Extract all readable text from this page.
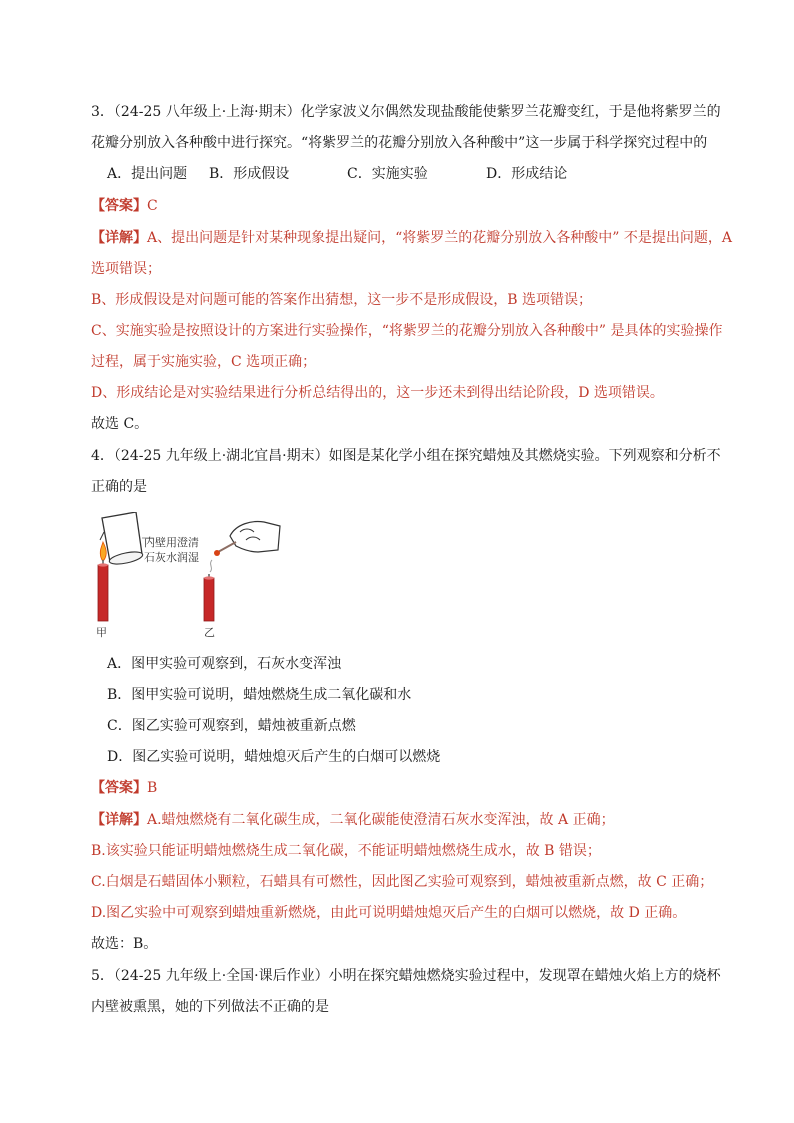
3．（24-25 八年级上·上海·期末）化学家波义尔偶然发现盐酸能使紫罗兰花瓣变红，于是他将紫罗兰的
花瓣分别放入各种酸中进行探究。“将紫罗兰的花瓣分别放入各种酸中”这一步属于科学探究过程中的
A．提出问题 B．形成假设	C．实施实验	D．形成结论
【答案】C
【详解】A、提出问题是针对某种现象提出疑问，“将紫罗兰的花瓣分别放入各种酸中” 不是提出问题，A
选项错误；
B、形成假设是对问题可能的答案作出猜想，这一步不是形成假设，B 选项错误；
C、实施实验是按照设计的方案进行实验操作，“将紫罗兰的花瓣分别放入各种酸中” 是具体的实验操作
过程，属于实施实验，C 选项正确；
D、形成结论是对实验结果进行分析总结得出的，这一步还未到得出结论阶段，D 选项错误。
故选 C。
4．（24-25 九年级上·湖北宜昌·期末）如图是某化学小组在探究蜡烛及其燃烧实验。下列观察和分析不
正确的是
内壁用澄清
石灰水润湿
甲	乙
A．图甲实验可观察到，石灰水变浑浊
B．图甲实验可说明，蜡烛燃烧生成二氧化碳和水
C．图乙实验可观察到，蜡烛被重新点燃
D．图乙实验可说明，蜡烛熄灭后产生的白烟可以燃烧
【答案】B
【详解】A.蜡烛燃烧有二氧化碳生成，二氧化碳能使澄清石灰水变浑浊，故 A 正确；
B.该实验只能证明蜡烛燃烧生成二氧化碳，不能证明蜡烛燃烧生成水，故 B 错误；
C.白烟是石蜡固体小颗粒，石蜡具有可燃性，因此图乙实验可观察到，蜡烛被重新点燃，故 C 正确；
D.图乙实验中可观察到蜡烛重新燃烧，由此可说明蜡烛熄灭后产生的白烟可以燃烧，故 D 正确。
故选：B。
5．（24-25 九年级上·全国·课后作业）小明在探究蜡烛燃烧实验过程中，发现罩在蜡烛火焰上方的烧杯
内壁被熏黑，她的下列做法不正确的是
